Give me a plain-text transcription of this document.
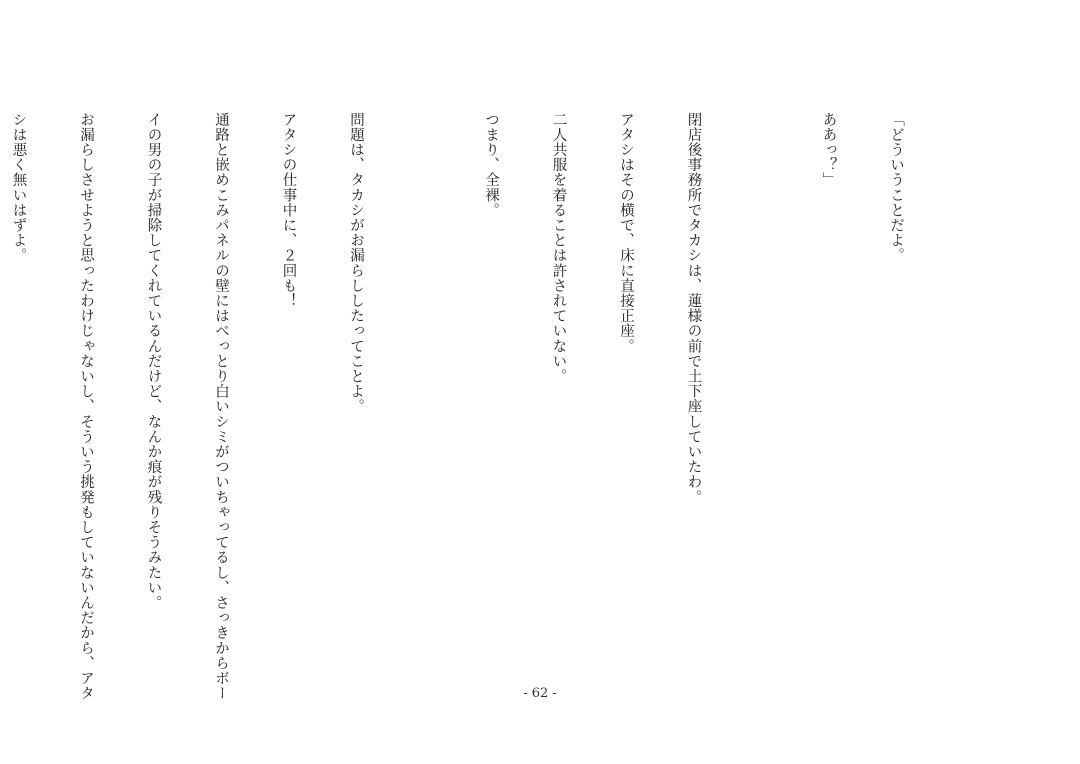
「どういうことだよ。

ああっ？」

閉店後事務所でタカシは、蓮様の前で土下座していたわ。

アタシはその横で、床に直接正座。

二人共服を着ることは許されていない。

つまり、全裸。

問題は、タカシがお漏らししたってことよ。

アタシの仕事中に、２回も！

通路と嵌めこみパネルの壁にはべっとり白いシミがついちゃってるし、さっきからボー

イの男の子が掃除してくれているんだけど、なんか痕が残りそうみたい。

お漏らしさせようと思ったわけじゃないし、そういう挑発もしていないんだから、アタ

シは悪く無いはずよ。

- 62 -
